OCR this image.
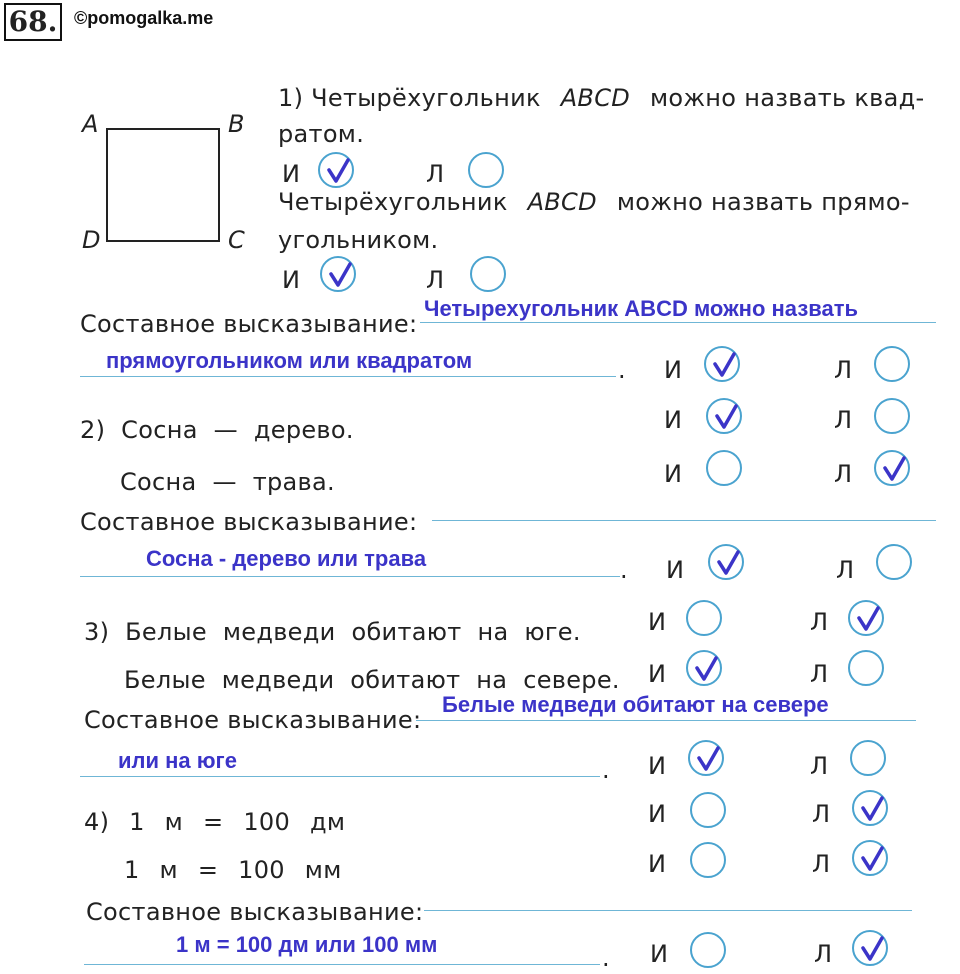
68. ©pomogalka.me
A	B
C
D
1) Четырёхугольник ABCD можно назвать квад-
ратом.
И	Л
Четырёхугольник ABCD можно назвать прямо-
угольником.
И	Л
Составное высказывание:
Четырехугольник ABCD можно назвать
прямоугольником или квадратом	. И	Л
2) Сосна — дерево.	И	Л
Сосна — трава.	И	Л
Составное высказывание:
Сосна - дерево или трава	. И	Л
3) Белые медведи обитают на юге.	И	Л
Белые медведи обитают на севере. И	Л
Составное высказывание:
Белые медведи обитают на севере
или на юге	. И	Л
4) 1 м = 100 дм	И	Л
1 м = 100 мм	И	Л
Составное высказывание:
1 м = 100 дм или 100 мм	. И	Л
